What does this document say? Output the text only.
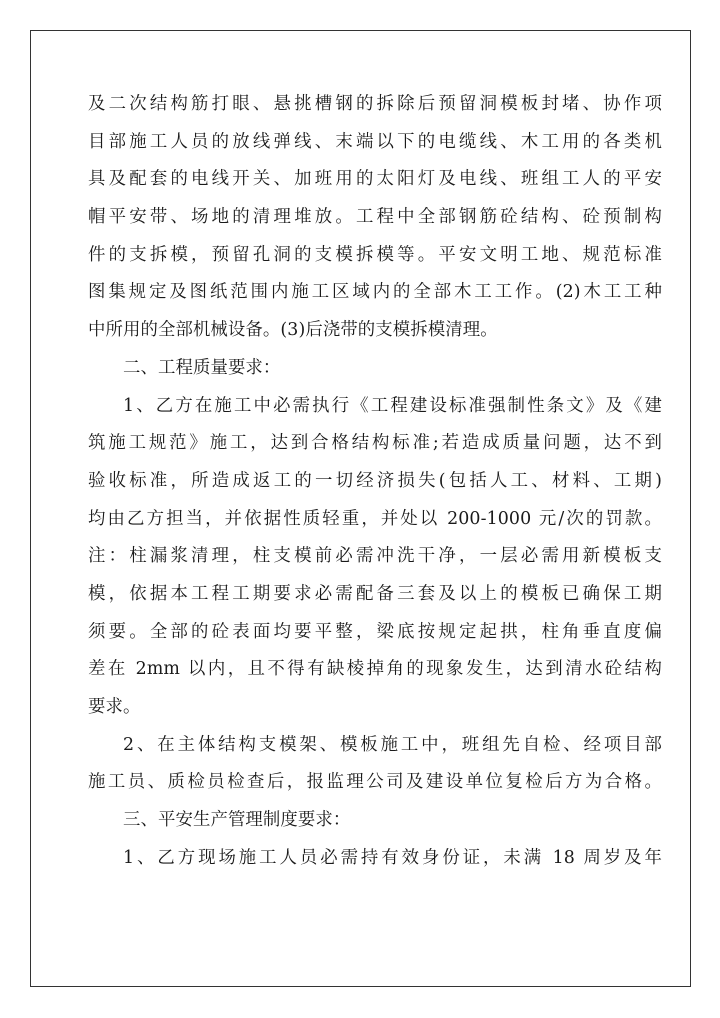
及二次结构筋打眼、悬挑槽钢的拆除后预留洞模板封堵、协作项
目部施工人员的放线弹线、末端以下的电缆线、木工用的各类机
具及配套的电线开关、加班用的太阳灯及电线、班组工人的平安
帽平安带、场地的清理堆放。工程中全部钢筋砼结构、砼预制构
件的支拆模，预留孔洞的支模拆模等。平安文明工地、规范标准
图集规定及图纸范围内施工区域内的全部木工工作。(2)木工工种
中所用的全部机械设备。(3)后浇带的支模拆模清理。
二、工程质量要求：
1、乙方在施工中必需执行《工程建设标准强制性条文》及《建
筑施工规范》施工，达到合格结构标准;若造成质量问题，达不到
验收标准，所造成返工的一切经济损失(包括人工、材料、工期)
均由乙方担当，并依据性质轻重，并处以 200-1000 元/次的罚款。
注：柱漏浆清理，柱支模前必需冲洗干净，一层必需用新模板支
模，依据本工程工期要求必需配备三套及以上的模板已确保工期
须要。全部的砼表面均要平整，梁底按规定起拱，柱角垂直度偏
差在 2mm 以内，且不得有缺棱掉角的现象发生，达到清水砼结构
要求。
2、在主体结构支模架、模板施工中，班组先自检、经项目部
施工员、质检员检查后，报监理公司及建设单位复检后方为合格。
三、平安生产管理制度要求：
1、乙方现场施工人员必需持有效身份证，未满 18 周岁及年
